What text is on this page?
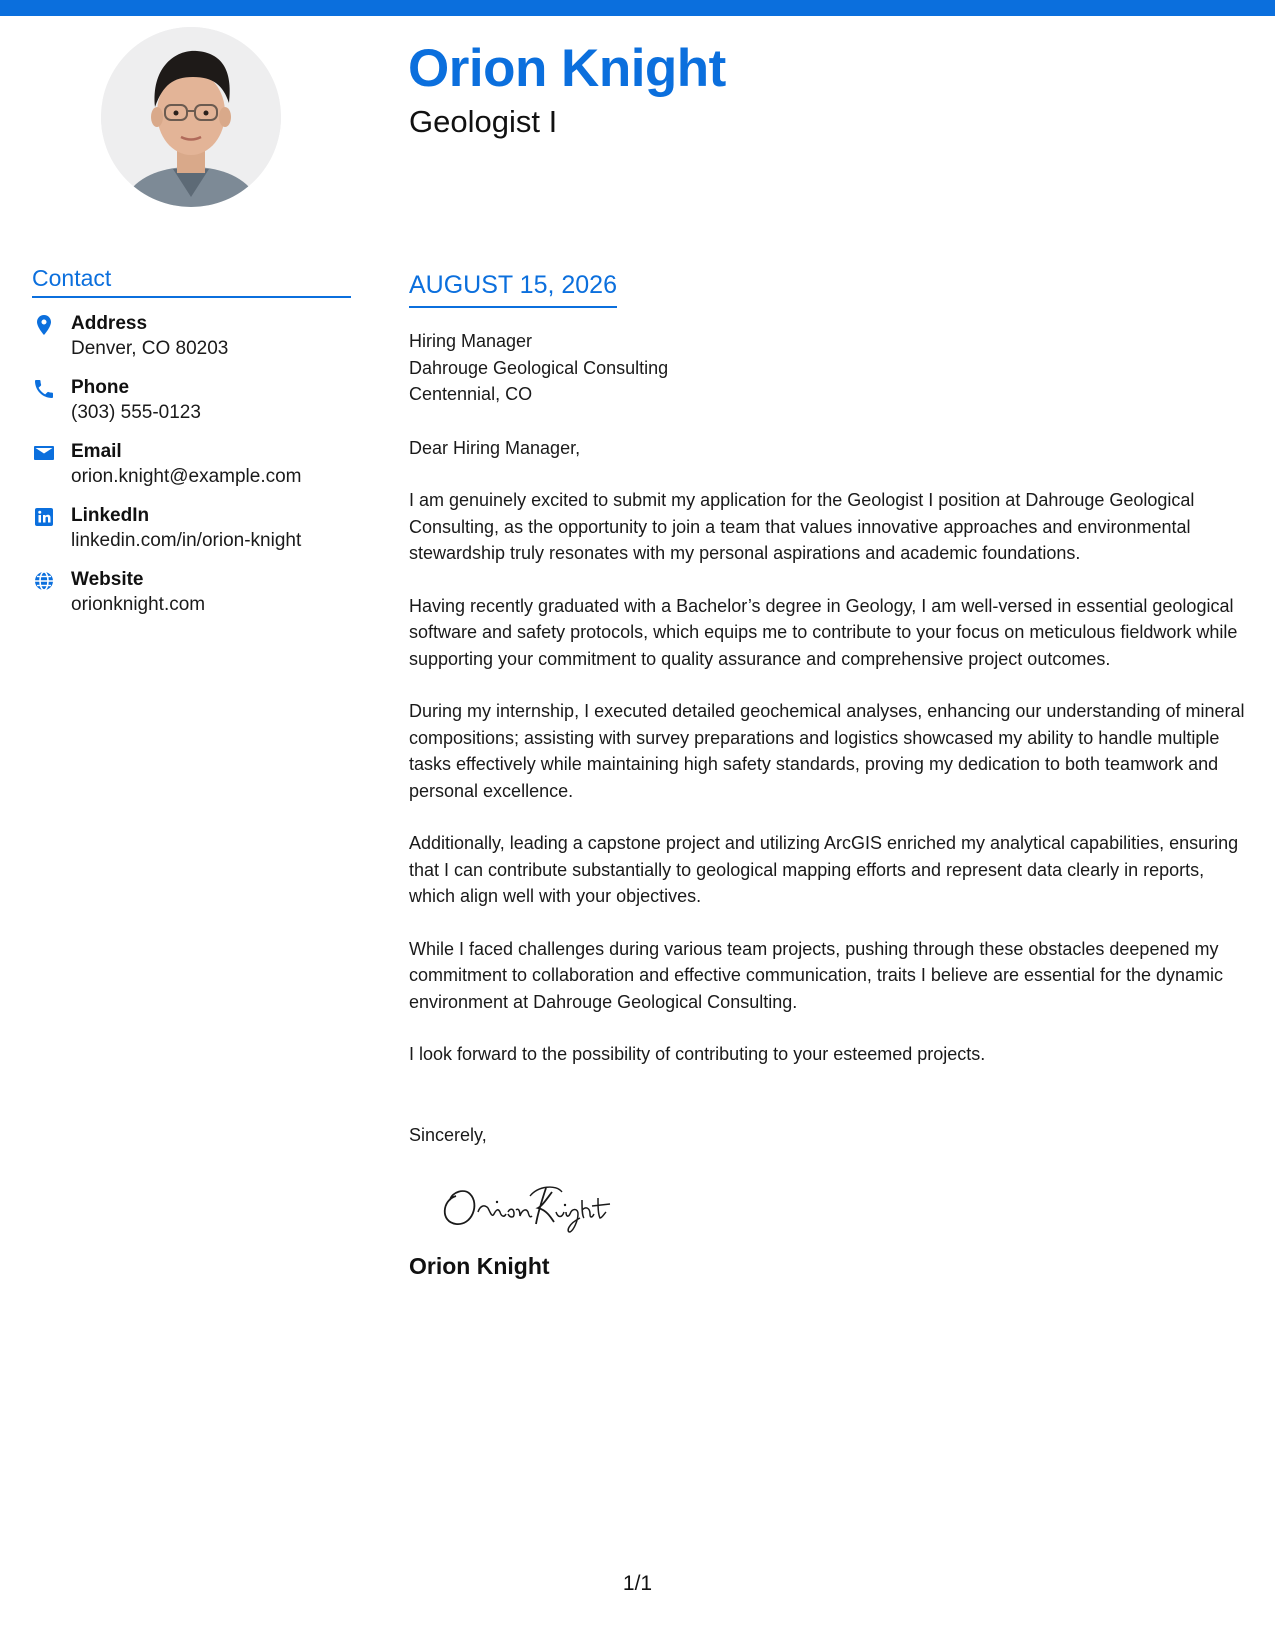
Orion Knight
Geologist I
Contact
Address
Denver, CO 80203
Phone
(303) 555-0123
Email
orion.knight@example.com
LinkedIn
linkedin.com/in/orion-knight
Website
orionknight.com
AUGUST 15, 2026
Hiring Manager
Dahrouge Geological Consulting
Centennial, CO
Dear Hiring Manager,
I am genuinely excited to submit my application for the Geologist I position at Dahrouge Geological Consulting, as the opportunity to join a team that values innovative approaches and environmental stewardship truly resonates with my personal aspirations and academic foundations.
Having recently graduated with a Bachelor’s degree in Geology, I am well-versed in essential geological software and safety protocols, which equips me to contribute to your focus on meticulous fieldwork while supporting your commitment to quality assurance and comprehensive project outcomes.
During my internship, I executed detailed geochemical analyses, enhancing our understanding of mineral compositions; assisting with survey preparations and logistics showcased my ability to handle multiple tasks effectively while maintaining high safety standards, proving my dedication to both teamwork and personal excellence.
Additionally, leading a capstone project and utilizing ArcGIS enriched my analytical capabilities, ensuring that I can contribute substantially to geological mapping efforts and represent data clearly in reports, which align well with your objectives.
While I faced challenges during various team projects, pushing through these obstacles deepened my commitment to collaboration and effective communication, traits I believe are essential for the dynamic environment at Dahrouge Geological Consulting.
I look forward to the possibility of contributing to your esteemed projects.
Sincerely,
Orion Knight
1/1
